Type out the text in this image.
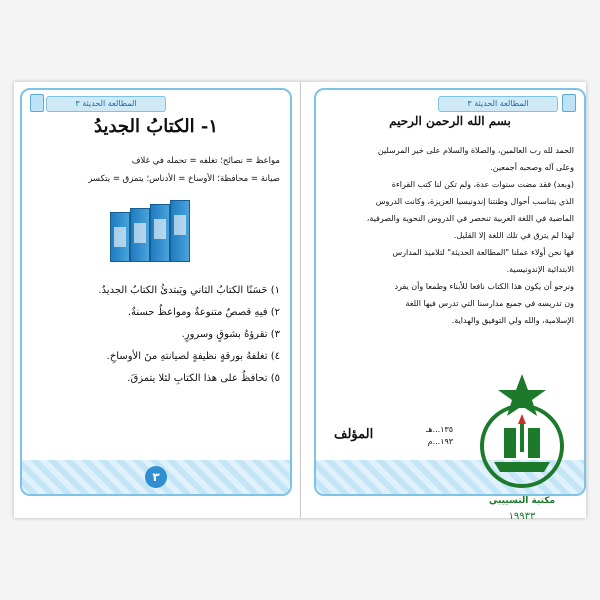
المطالعة الحديثة ٣
١- الكتابُ الجديدُ
مواعظ = نصائح؛ تغلفه = تحمله في غلاف
صيانة = محافظة؛ الأوساخ = الأدناس؛ يتمزق = يتكسر
١) حَسَنًا الكتابُ الثاني ويَبتدئُ الكتابُ الجديدُ.
٢) فيهِ قصصٌ متنوعةٌ ومواعظُ حسنةٌ.
٣) تقرؤهُ بشوقٍ وسرورٍ.
٤) تغلفهُ بورقةٍ نظيفةٍ لصيانتهِ منَ الأوساخِ.
٥) تحافظُ على هذا الكتابِ لئلا يتمزقَ.
٣
المطالعة الحديثة ٣
بسم الله الرحمن الرحيم
الحمد لله رب العالمين، والصلاة والسلام على خير المرسلين
وعلى آله وصحبه أجمعين.
(وبعد) فقد مضت سنوات عدة، ولم تكن لنا كتب القراءة
الذي يتناسب أحوال وطنتنا إندونيسيا العزيزة، وكانت الدروس
الماضية في اللغة العربية تنحصر في الدروس النحوية والصرفية،
لهذا لم يترق في تلك اللغة إلا القليل.
فها نحن أولاء عملنا "المطالعة الحديثة" لتلاميذ المدارس
الابتدائية الإندونيسية.
ونرجو أن يكون هذا الكتاب نافعا للأبناء وطمعا وأن يفرد
ون تدريسه في جميع مدارسنا التي تدرس فيها اللغة
الإسلامية، والله ولي التوفيق والهداية.
١٣٥...هـ
١٩٣...م
المؤلف
مكتبة التسييبي
١٩٩٣٣
